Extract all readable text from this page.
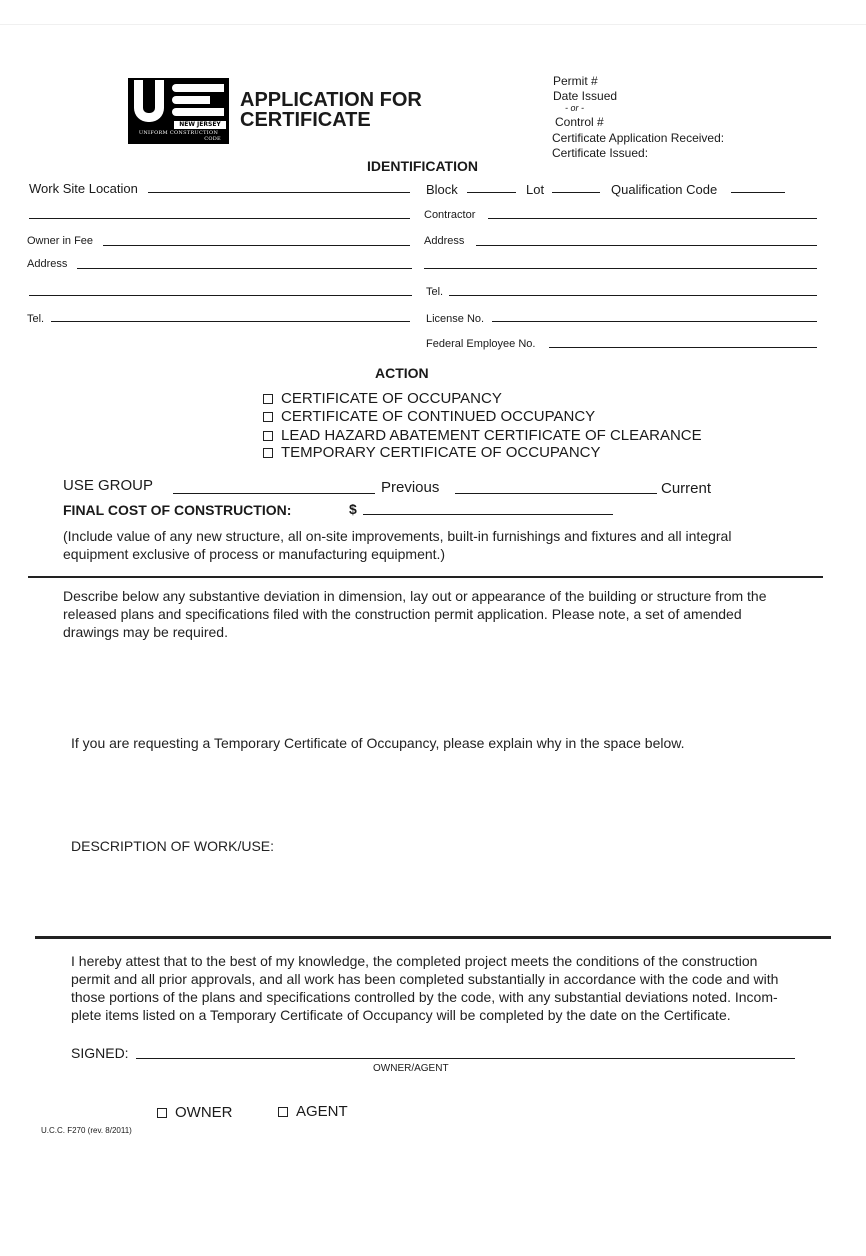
NEW JERSEY
UNIFORM CONSTRUCTION
CODE
APPLICATION FOR
CERTIFICATE
Permit #
Date Issued
- or -
Control #
Certificate Application Received:
Certificate Issued:
IDENTIFICATION
Work Site Location	Block	Lot	Qualification Code
Contractor
Owner in Fee	Address
Address
Tel.
Tel.	License No.
Federal Employee No.
ACTION
CERTIFICATE OF OCCUPANCY
CERTIFICATE OF CONTINUED OCCUPANCY
LEAD HAZARD ABATEMENT CERTIFICATE OF CLEARANCE
TEMPORARY CERTIFICATE OF OCCUPANCY
USE GROUP	Previous	Current
FINAL COST OF CONSTRUCTION:	$
(Include value of any new structure, all on-site improvements, built-in furnishings and fixtures and all integral
equipment exclusive of process or manufacturing equipment.)
Describe below any substantive deviation in dimension, lay out or appearance of the building or structure from the
released plans and specifications filed with the construction permit application. Please note, a set of amended
drawings may be required.
If you are requesting a Temporary Certificate of Occupancy, please explain why in the space below.
DESCRIPTION OF WORK/USE:
I hereby attest that to the best of my knowledge, the completed project meets the conditions of the construction
permit and all prior approvals, and all work has been completed substantially in accordance with the code and with
those portions of the plans and specifications controlled by the code, with any substantial deviations noted. Incom-
plete items listed on a Temporary Certificate of Occupancy will be completed by the date on the Certificate.
SIGNED:
OWNER/AGENT
OWNER	AGENT
U.C.C. F270 (rev. 8/2011)
